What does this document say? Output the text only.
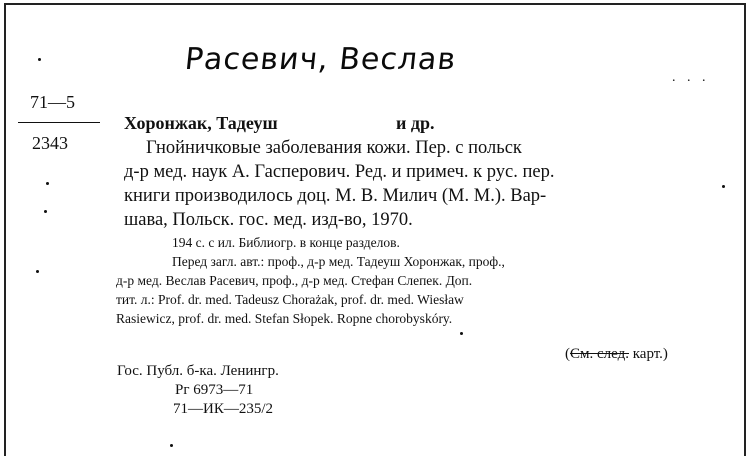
Расевич, Веслав
. . .
71—5
2343
Хоронжак, Тадеуш	и др.
Гнойничковые заболевания кожи. Пер. с польск
д-р мед. наук А. Гасперович. Ред. и примеч. к рус. пер.
книги производилось доц. М. В. Милич (М. М.). Вар-
шава, Польск. гос. мед. изд-во, 1970.
194 с. с ил. Библиогр. в конце разделов.
Перед загл. авт.: проф., д-р мед. Тадеуш Хоронжак, проф.,
д-р мед. Веслав Расевич, проф., д-р мед. Стефан Слепек. Доп.
тит. л.: Prof. dr. med. Tadeusz Chorażak, prof. dr. med. Wiesław
Rasiewicz, prof. dr. med. Stefan Słopek. Ropne chorobyskóry.
(См. след. карт.)
Гос. Публ. б-ка. Ленингр.
Рг 6973—71
71—ИК—235/2
